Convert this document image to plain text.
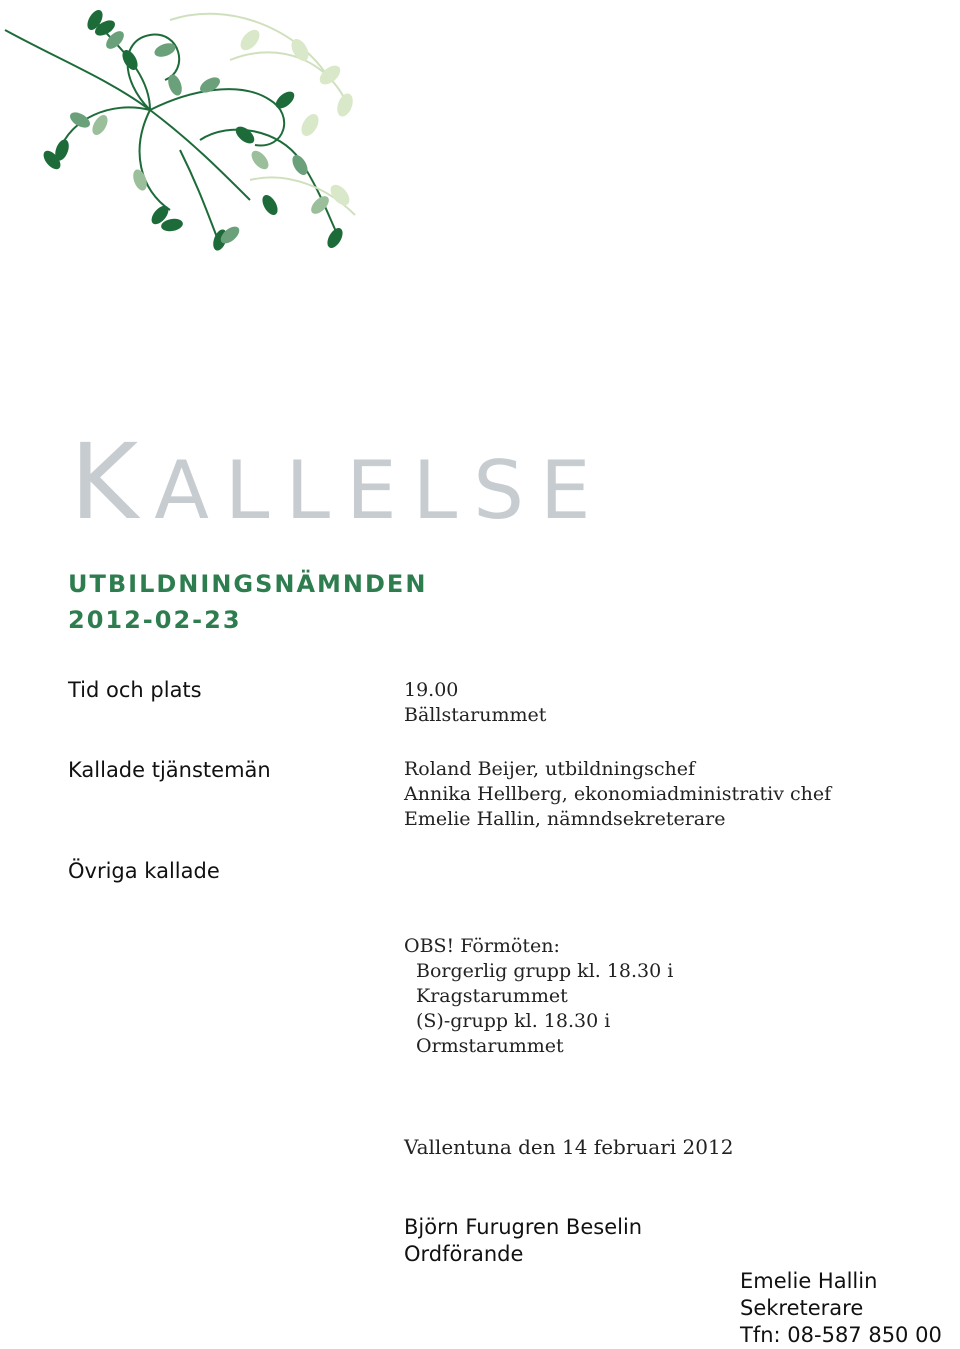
KALLELSE
UTBILDNINGSNÄMNDEN
2012-02-23
Tid och plats	19.00
Bällstarummet
Kallade tjänstemän	Roland Beijer, utbildningschef
Annika Hellberg, ekonomiadministrativ chef
Emelie Hallin, nämndsekreterare
Övriga kallade
OBS! Förmöten:
Borgerlig grupp kl. 18.30 i
Kragstarummet
(S)-grupp kl. 18.30 i
Ormstarummet
Vallentuna den 14 februari 2012
Björn Furugren Beselin
Ordförande
Emelie Hallin
Sekreterare
Tfn: 08-587 850 00
